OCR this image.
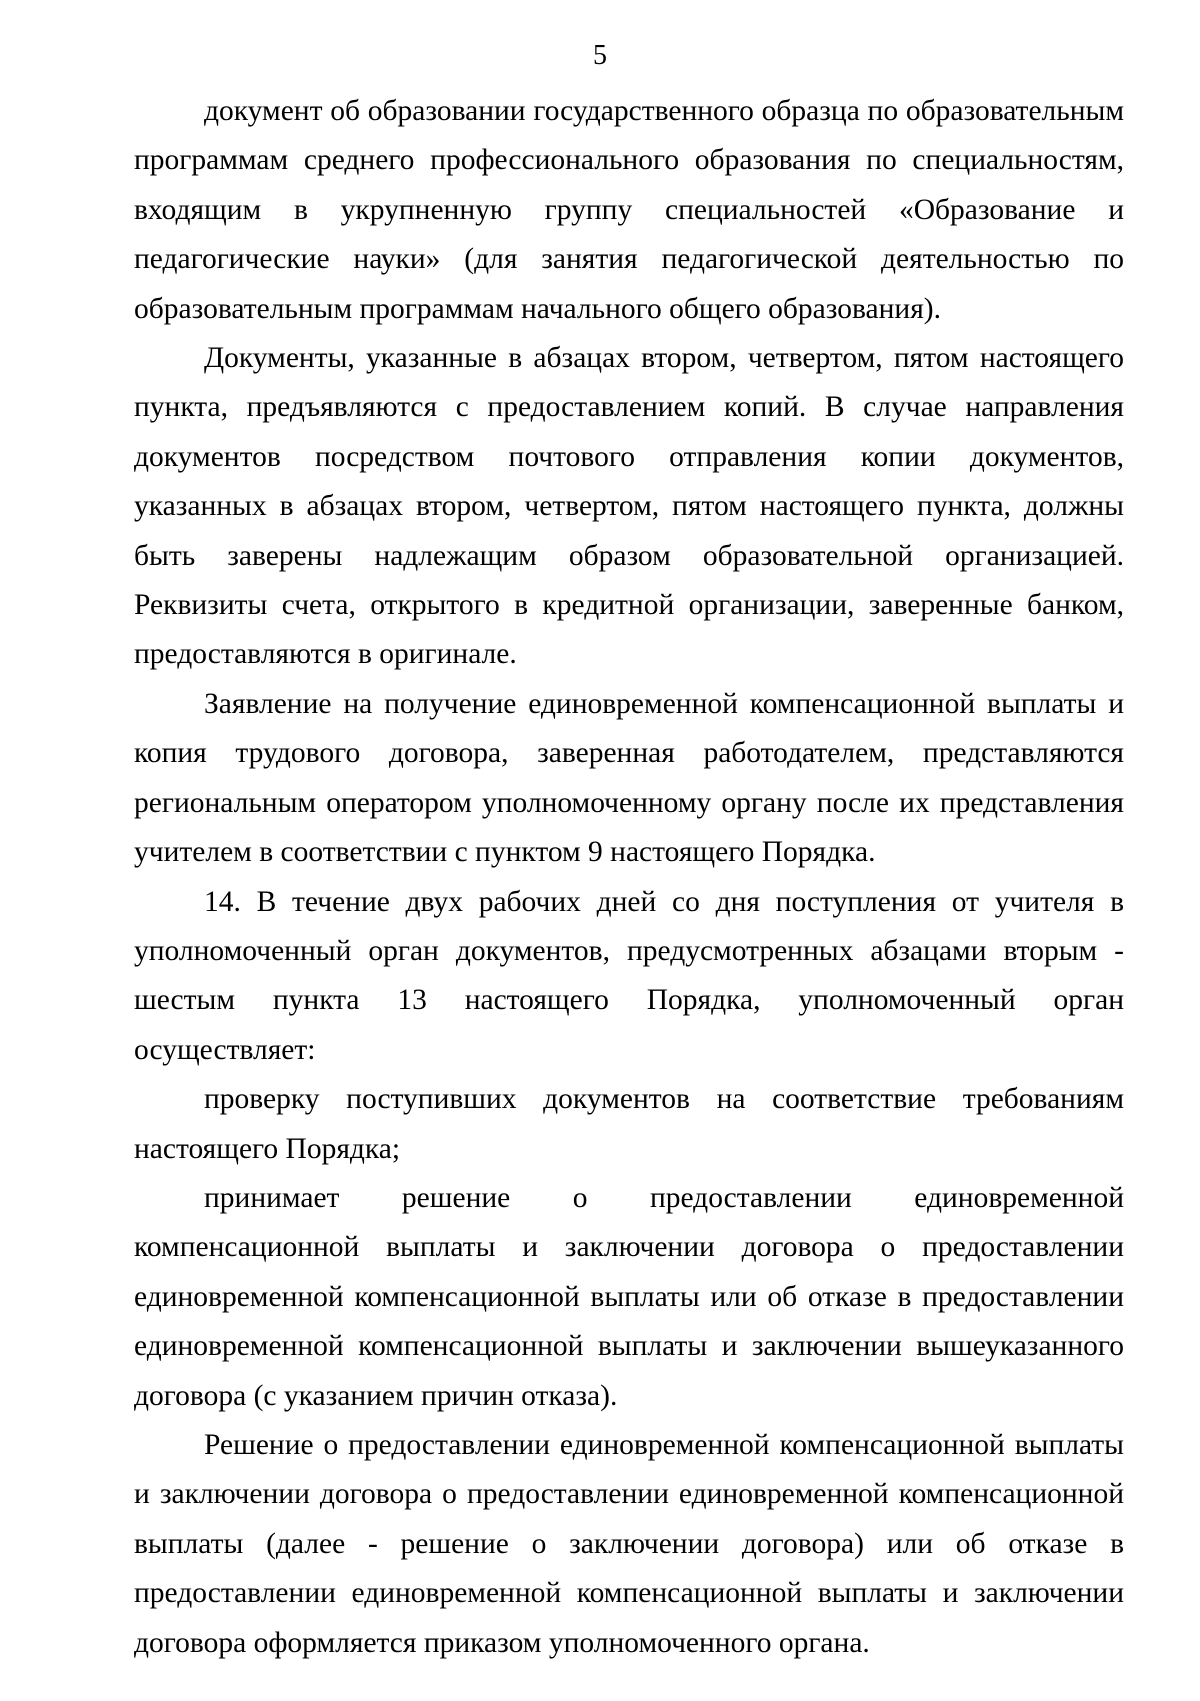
5

документ об образовании государственного образца по образовательным программам среднего профессионального образования по специальностям, входящим в укрупненную группу специальностей «Образование и педагогические науки» (для занятия педагогической деятельностью по образовательным программам начального общего образования).

Документы, указанные в абзацах втором, четвертом, пятом настоящего пункта, предъявляются с предоставлением копий. В случае направления документов посредством почтового отправления копии документов, указанных в абзацах втором, четвертом, пятом настоящего пункта, должны быть заверены надлежащим образом образовательной организацией. Реквизиты счета, открытого в кредитной организации, заверенные банком, предоставляются в оригинале.

Заявление на получение единовременной компенсационной выплаты и копия трудового договора, заверенная работодателем, представляются региональным оператором уполномоченному органу после их представления учителем в соответствии с пунктом 9 настоящего Порядка.

14. В течение двух рабочих дней со дня поступления от учителя в уполномоченный орган документов, предусмотренных абзацами вторым - шестым пункта 13 настоящего Порядка, уполномоченный орган осуществляет:

проверку поступивших документов на соответствие требованиям настоящего Порядка;

принимает решение о предоставлении единовременной компенсационной выплаты и заключении договора о предоставлении единовременной компенсационной выплаты или об отказе в предоставлении единовременной компенсационной выплаты и заключении вышеуказанного договора (с указанием причин отказа).

Решение о предоставлении единовременной компенсационной выплаты и заключении договора о предоставлении единовременной компенсационной выплаты (далее - решение о заключении договора) или об отказе в предоставлении единовременной компенсационной выплаты и заключении договора оформляется приказом уполномоченного органа.
